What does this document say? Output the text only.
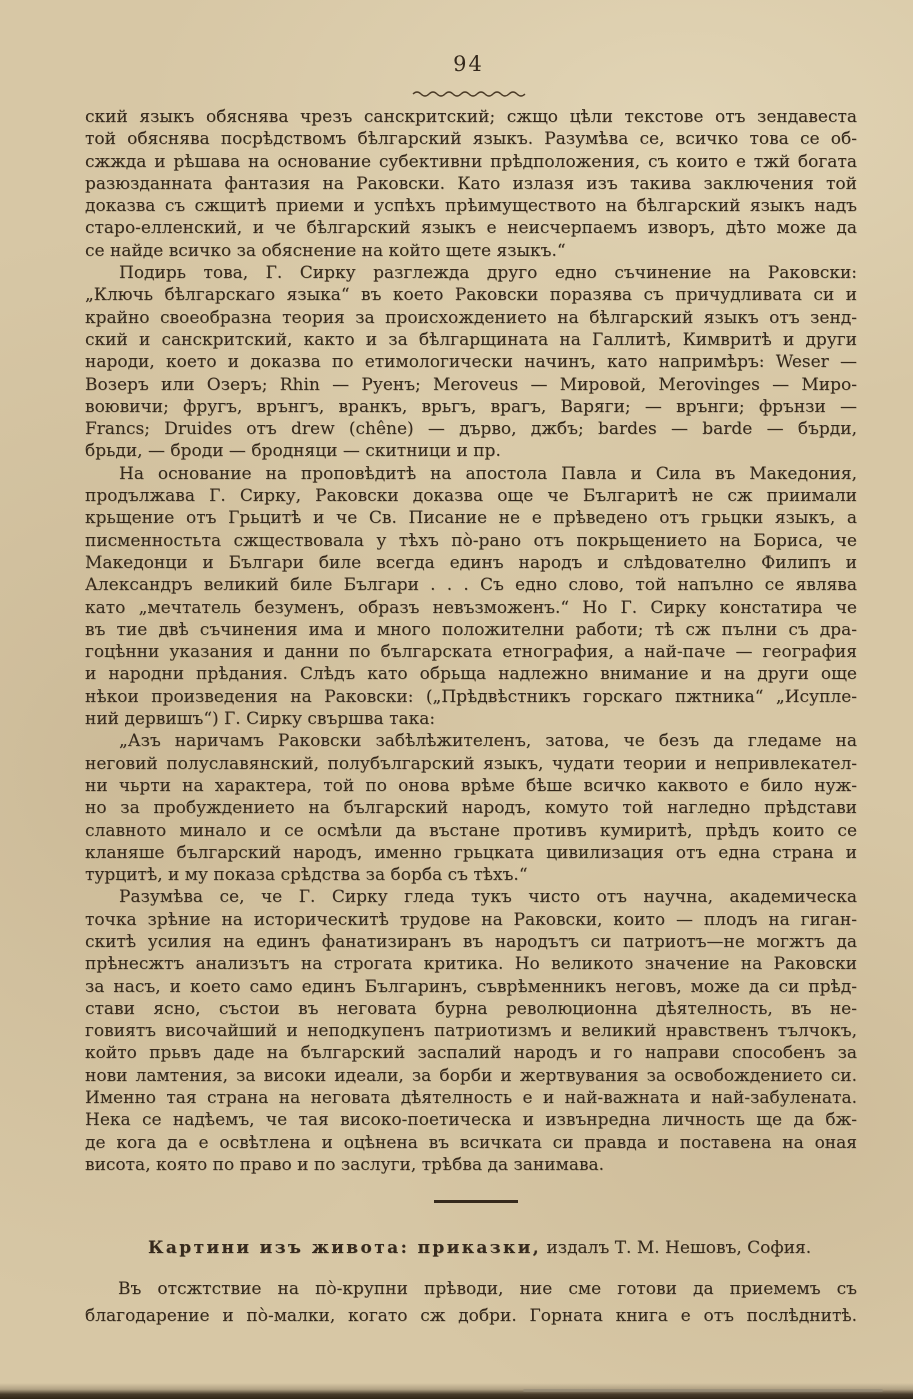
94
ский языкъ обяснява чрезъ санскритский; сжщо цѣли текстове отъ зендавеста
той обяснява посрѣдствомъ бѣлгарский языкъ. Разумѣва се, всичко това се об-
сжжда и рѣшава на основание субективни прѣдположения, съ които е тжй богата
разюзданната фантазия на Раковски. Като излазя изъ такива заключения той
доказва съ сжщитѣ приеми и успѣхъ прѣимуществото на бѣлгарский языкъ надъ
старо-елленский, и че бѣлгарский языкъ е неисчерпаемъ изворъ, дѣто може да
се найде всичко за обяснение на който щете языкъ.“
Подирь това, Г. Сирку разглежда друго едно съчинение на Раковски:
„Ключь бѣлгарскаго языка“ въ което Раковски поразява съ причудливата си и
крайно своеобразна теория за происхождението на бѣлгарский языкъ отъ зенд-
ский и санскритский, както и за бѣлгарщината на Галлитѣ, Кимвритѣ и други
народи, което и доказва по етимологически начинъ, като напримѣръ: Weser —
Возеръ или Озеръ; Rhin — Руенъ; Meroveus — Мировой, Merovinges — Миро-
воювичи; фругъ, врънгъ, вранкъ, врьгъ, врагъ, Варяги; — врънги; фрънзи —
Francs; Druides отъ drew (chêne) — дърво, джбъ; bardes — barde — бърди,
брьди, — броди — бродняци — скитници и пр.
На основание на проповѣдитѣ на апостола Павла и Сила въ Македония,
продължава Г. Сирку, Раковски доказва още че Българитѣ не сж приимали
крьщение отъ Грьцитѣ и че Св. Писание не е прѣведено отъ грьцки языкъ, а
писменностьта сжществовала у тѣхъ пò-рано отъ покрьщението на Бориса, че
Македонци и Българи биле всегда единъ народъ и слѣдователно Филипъ и
Александръ великий биле Българи . . . Съ едно слово, той напълно се являва
като „мечтатель безуменъ, образъ невъзможенъ.“ Но Г. Сирку констатира че
въ тие двѣ съчинения има и много положителни работи; тѣ сж пълни съ дра-
гоцѣнни указания и данни по българската етнография, а най-паче — география
и народни прѣдания. Слѣдъ като обрьща надлежно внимание и на други още
нѣкои произведения на Раковски: („Прѣдвѣстникъ горскаго пжтника“ „Исупле-
ний дервишъ“) Г. Сирку свършва така:
„Азъ наричамъ Раковски забѣлѣжителенъ, затова, че безъ да гледаме на
неговий полуславянский, полубългарский языкъ, чудати теории и непривлекател-
ни чьрти на характера, той по онова врѣме бѣше всичко каквото е било нуж-
но за пробуждението на българский народъ, комуто той нагледно прѣдстави
славното минало и се осмѣли да въстане противъ кумиритѣ, прѣдъ които се
кланяше българский народъ, именно грьцката цивилизация отъ една страна и
турцитѣ, и му показа срѣдства за борба съ тѣхъ.“
Разумѣва се, че Г. Сирку гледа тукъ чисто отъ научна, академическа
точка зрѣние на историческитѣ трудове на Раковски, които — плодъ на гиган-
скитѣ усилия на единъ фанатизиранъ въ народътъ си патриотъ—не могжтъ да
прѣнесжтъ анализътъ на строгата критика. Но великото значение на Раковски
за насъ, и което само единъ Българинъ, съврѣменникъ неговъ, може да си прѣд-
стави ясно, състои въ неговата бурна революционна дѣятелность, въ не-
говиятъ височайший и неподкупенъ патриотизмъ и великий нравственъ тълчокъ,
който прьвъ даде на българский заспалий народъ и го направи способенъ за
нови ламтения, за високи идеали, за борби и жертвувания за освобождението си.
Именно тая страна на неговата дѣятелность е и най-важната и най-забулената.
Нека се надѣемъ, че тая високо-поетическа и извънредна личность ще да бж-
де кога да е освѣтлена и оцѣнена въ всичката си правда и поставена на оная
висота, която по право и по заслуги, трѣбва да занимава.
Картини изъ живота: приказки, издалъ Т. М. Нешовъ, София.
Въ отсжтствие на пò-крупни прѣводи, ние сме готови да приемемъ съ
благодарение и пò-малки, когато сж добри. Горната книга е отъ послѣднитѣ.
